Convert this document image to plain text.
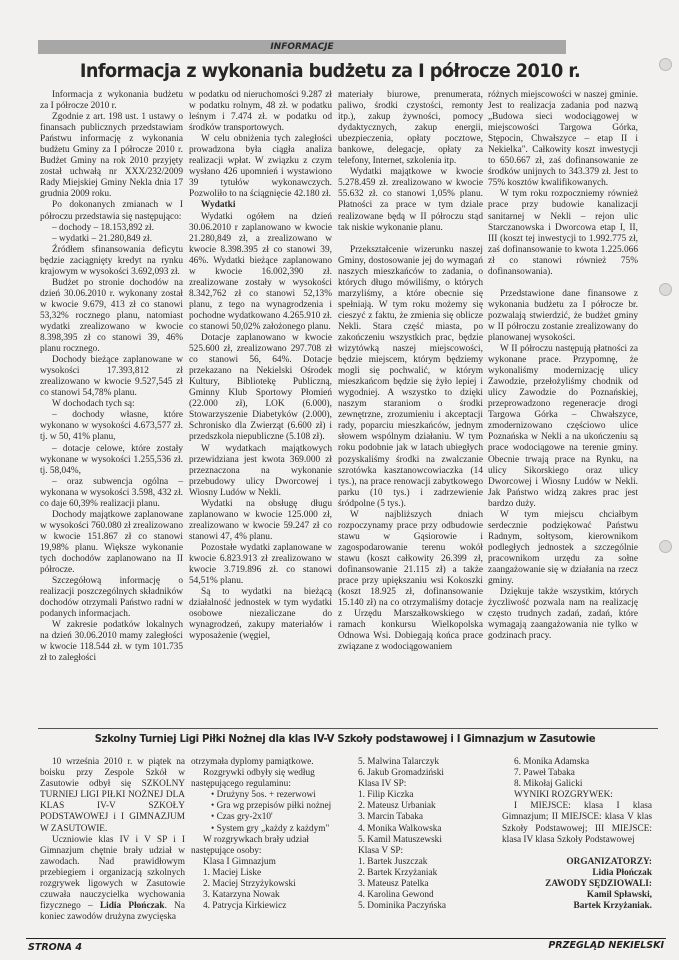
INFORMACJE
Informacja z wykonania budżetu za I półrocze 2010 r.

Informacja z wykonania budżetu za I półrocze 2010 r.

Zgodnie z art. 198 ust. 1 ustawy o finansach publicznych przedstawiam Państwu informację z wykonania budżetu Gminy za I półrocze 2010 r. Budżet Gminy na rok 2010 przyjęty został uchwałą nr XXX/232/2009 Rady Miejskiej Gminy Nekla dnia 17 grudnia 2009 roku.

Po dokonanych zmianach w I półroczu przedstawia się następująco:

– dochody – 18.153,892 zł.

– wydatki – 21.280,849 zł.

Źródłem sfinansowania deficytu będzie zaciągnięty kredyt na rynku krajowym w wysokości 3.692,093 zł.

Budżet po stronie dochodów na dzień 30.06.2010 r. wykonany został w kwocie 9.679, 413 zł co stanowi 53,32% rocznego planu, natomiast wydatki zrealizowano w kwocie 8.398,395 zł co stanowi 39, 46% planu rocznego.

Dochody bieżące zaplanowane w wysokości 17.393,812 zł zrealizowano w kwocie 9.527,545 zł co stanowi 54,78% planu.

W dochodach tych są:

– dochody własne, które wykonano w wysokości 4.673,577 zł. tj. w 50, 41% planu,

– dotacje celowe, które zostały wykonane w wysokości 1.255,536 zł. tj. 58,04%,

– oraz subwencja ogólna – wykonana w wysokości 3.598, 432 zł. co daje 60,39% realizacji planu.

Dochody majątkowe zaplanowane w wysokości 760.080 zł zrealizowano w kwocie 151.867 zł co stanowi 19,98% planu. Większe wykonanie tych dochodów zaplanowano na II półrocze.

Szczegółową informację o realizacji poszczególnych składników dochodów otrzymali Państwo radni w podanych informacjach.

W zakresie podatków lokalnych na dzień 30.06.2010 mamy zaległości w kwocie 118.544 zł. w tym 101.735 zł to zaległości

w podatku od nieruchomości 9.287 zł w podatku rolnym, 48 zł. w podatku leśnym i 7.474 zł. w podatku od środków transportowych.

W celu obniżenia tych zaległości prowadzona była ciągła analiza realizacji wpłat. W związku z czym wysłano 426 upomnień i wystawiono 39 tytułów wykonawczych. Pozwoliło to na ściągnięcie 42.180 zł.

Wydatki

Wydatki ogółem na dzień 30.06.2010 r zaplanowano w kwocie 21.280,849 zł, a zrealizowano w kwocie 8.398.395 zł co stanowi 39, 46%. Wydatki bieżące zaplanowano w kwocie 16.002,390 zł. zrealizowane zostały w wysokości 8.342,762 zł co stanowi 52,13% planu, z tego na wynagrodzenia i pochodne wydatkowano 4.265.910 zł. co stanowi 50,02% założonego planu.

Dotacje zaplanowano w kwocie 525.600 zł, zrealizowano 297.708 zł co stanowi 56, 64%. Dotacje przekazano na Nekielski Ośrodek Kultury, Bibliotekę Publiczną, Gminny Klub Sportowy Płomień (22.000 zł), LOK (6.000), Stowarzyszenie Diabetyków (2.000), Schronisko dla Zwierząt (6.600 zł) i przedszkola niepubliczne (5.108 zł).

W wydatkach majątkowych przewidziana jest kwota 369.000 zł przeznaczona na wykonanie przebudowy ulicy Dworcowej i Wiosny Ludów w Nekli.

Wydatki na obsługę długu zaplanowano w kwocie 125.000 zł, zrealizowano w kwocie 59.247 zł co stanowi 47, 4% planu.

Pozostałe wydatki zaplanowane w kwocie 6.823.913 zł zrealizowano w kwocie 3.719.896 zł. co stanowi 54,51% planu.

Są to wydatki na bieżącą działalność jednostek w tym wydatki osobowe niezaliczane do wynagrodzeń, zakupy materiałów i wyposażenie (węgiel,

materiały biurowe, prenumerata, paliwo, środki czystości, remonty itp.), zakup żywności, pomocy dydaktycznych, zakup energii, ubezpieczenia, opłaty pocztowe, bankowe, delegacje, opłaty za telefony, Internet, szkolenia itp.

Wydatki majątkowe w kwocie 5.278.459 zł. zrealizowano w kwocie 55.632 zł. co stanowi 1,05% planu. Płatności za prace w tym dziale realizowane będą w II półroczu stąd tak niskie wykonanie planu.

Przekształcenie wizerunku naszej Gminy, dostosowanie jej do wymagań naszych mieszkańców to zadania, o których długo mówiliśmy, o których marzyliśmy, a które obecnie się spełniają. W tym roku możemy się cieszyć z faktu, że zmienia się oblicze Nekli. Stara część miasta, po zakończeniu wszystkich prac, będzie wizytówką naszej miejscowości, będzie miejscem, którym będziemy mogli się pochwalić, w którym mieszkańcom będzie się żyło lepiej i wygodniej. A wszystko to dzięki naszym staraniom o środki zewnętrzne, zrozumieniu i akceptacji rady, poparciu mieszkańców, jednym słowem wspólnym działaniu. W tym roku podobnie jak w latach ubiegłych pozyskaliśmy środki na zwalczanie szrotówka kasztanowcowiaczka (14 tys.), na prace renowacji zabytkowego parku (10 tys.) i zadrzewienie śródpolne (5 tys.).

W najbliższych dniach rozpoczynamy prace przy odbudowie stawu w Gąsiorowie i zagospodarowanie terenu wokół stawu (koszt całkowity 26.399 zł, dofinansowanie 21.115 zł) a także prace przy upiększaniu wsi Kokoszki (koszt 18.925 zł, dofinansowanie 15.140 zł) na co otrzymaliśmy dotacje z Urzędu Marszałkowskiego w ramach konkursu Wielkopolska Odnowa Wsi. Dobiegają końca prace związane z wodociągowaniem

różnych miejscowości w naszej gminie. Jest to realizacja zadania pod nazwą „Budowa sieci wodociągowej w miejscowości Targowa Górka, Stępocin, Chwałszyce – etap II i Nekielka". Całkowity koszt inwestycji to 650.667 zł, zaś dofinansowanie ze środków unijnych to 343.379 zł. Jest to 75% kosztów kwalifikowanych.

W tym roku rozpoczniemy również prace przy budowie kanalizacji sanitarnej w Nekli – rejon ulic Starczanowska i Dworcowa etap I, II, III (koszt tej inwestycji to 1.992.775 zł, zaś dofinansowanie to kwota 1.225.066 zł co stanowi również 75% dofinansowania).

Przedstawione dane finansowe z wykonania budżetu za I półrocze br. pozwalają stwierdzić, że budżet gminy w II półroczu zostanie zrealizowany do planowanej wysokości.

W II półroczu następują płatności za wykonane prace. Przypomnę, że wykonaliśmy modernizację ulicy Zawodzie, przełożyliśmy chodnik od ulicy Zawodzie do Poznańskiej, przeprowadzono regeneracje drogi Targowa Górka – Chwałszyce, zmodernizowano częściowo ulice Poznańska w Nekli a na ukończeniu są prace wodociągowe na terenie gminy. Obecnie trwają prace na Rynku, na ulicy Sikorskiego oraz ulicy Dworcowej i Wiosny Ludów w Nekli. Jak Państwo widzą zakres prac jest bardzo duży.

W tym miejscu chciałbym serdecznie podziękować Państwu Radnym, sołtysom, kierownikom podległych jednostek a szczególnie pracownikom urzędu za sołne zaangażowanie się w działania na rzecz gminy.

Dziękuje także wszystkim, których życzliwość pozwala nam na realizację często trudnych zadań, zadań, które wymagają zaangażowania nie tylko w godzinach pracy.

Szkolny Turniej Ligi Piłki Nożnej dla klas IV-V Szkoły podstawowej i I Gimnazjum w Zasutowie

10 września 2010 r. w piątek na boisku przy Zespole Szkół w Zasutowie odbył się SZKOLNY TURNIEJ LIGI PIŁKI NOŻNEJ DLA KLAS IV-V SZKOŁY PODSTAWOWEJ i I GIMNAZJUM W ZASUTOWIE.

Uczniowie klas IV i V SP i I Gimnazjum chętnie brały udział w zawodach. Nad prawidłowym przebiegiem i organizacją szkolnych rozgrywek ligowych w Zasutowie czuwała nauczycielka wychowania fizycznego – Lidia Płończak. Na koniec zawodów drużyna zwycięska

otrzymała dyplomy pamiątkowe.

Rozgrywki odbyły się według następującego regulaminu:

• Drużyny 5os. + rezerwowi

• Gra wg przepisów piłki nożnej

• Czas gry-2x10'

• System gry „każdy z każdym"

W rozgrywkach brały udział następujące osoby:

Klasa I Gimnazjum

1. Maciej Liske

2. Maciej Strzyżykowski

3. Katarzyna Nowak

4. Patrycja Kirkiewicz

5. Malwina Talarczyk

6. Jakub Gromadziński

Klasa IV SP:

1. Filip Kiczka

2. Mateusz Urbaniak

3. Marcin Tabaka

4. Monika Walkowska

5. Kamil Matuszewski

Klasa V SP:

1. Bartek Juszczak

2. Bartek Krzyżaniak

3. Mateusz Patelka

4. Karolina Gewond

5. Dominika Paczyńska

6. Monika Adamska

7. Paweł Tabaka

8. Mikołaj Galicki

WYNIKI ROZGRYWEK:

I MIEJSCE: klasa I klasa Gimnazjum; II MIEJSCE: klasa V klas Szkoły Podstawowej; III MIEJSCE: klasa IV klasa Szkoły Podstawowej

ORGANIZATORZY:

Lidia Płończak

ZAWODY SĘDZIOWALI:

Kamil Spławski,

Bartek Krzyżaniak.

STRONA 4	PRZEGLĄD NEKIELSKI
